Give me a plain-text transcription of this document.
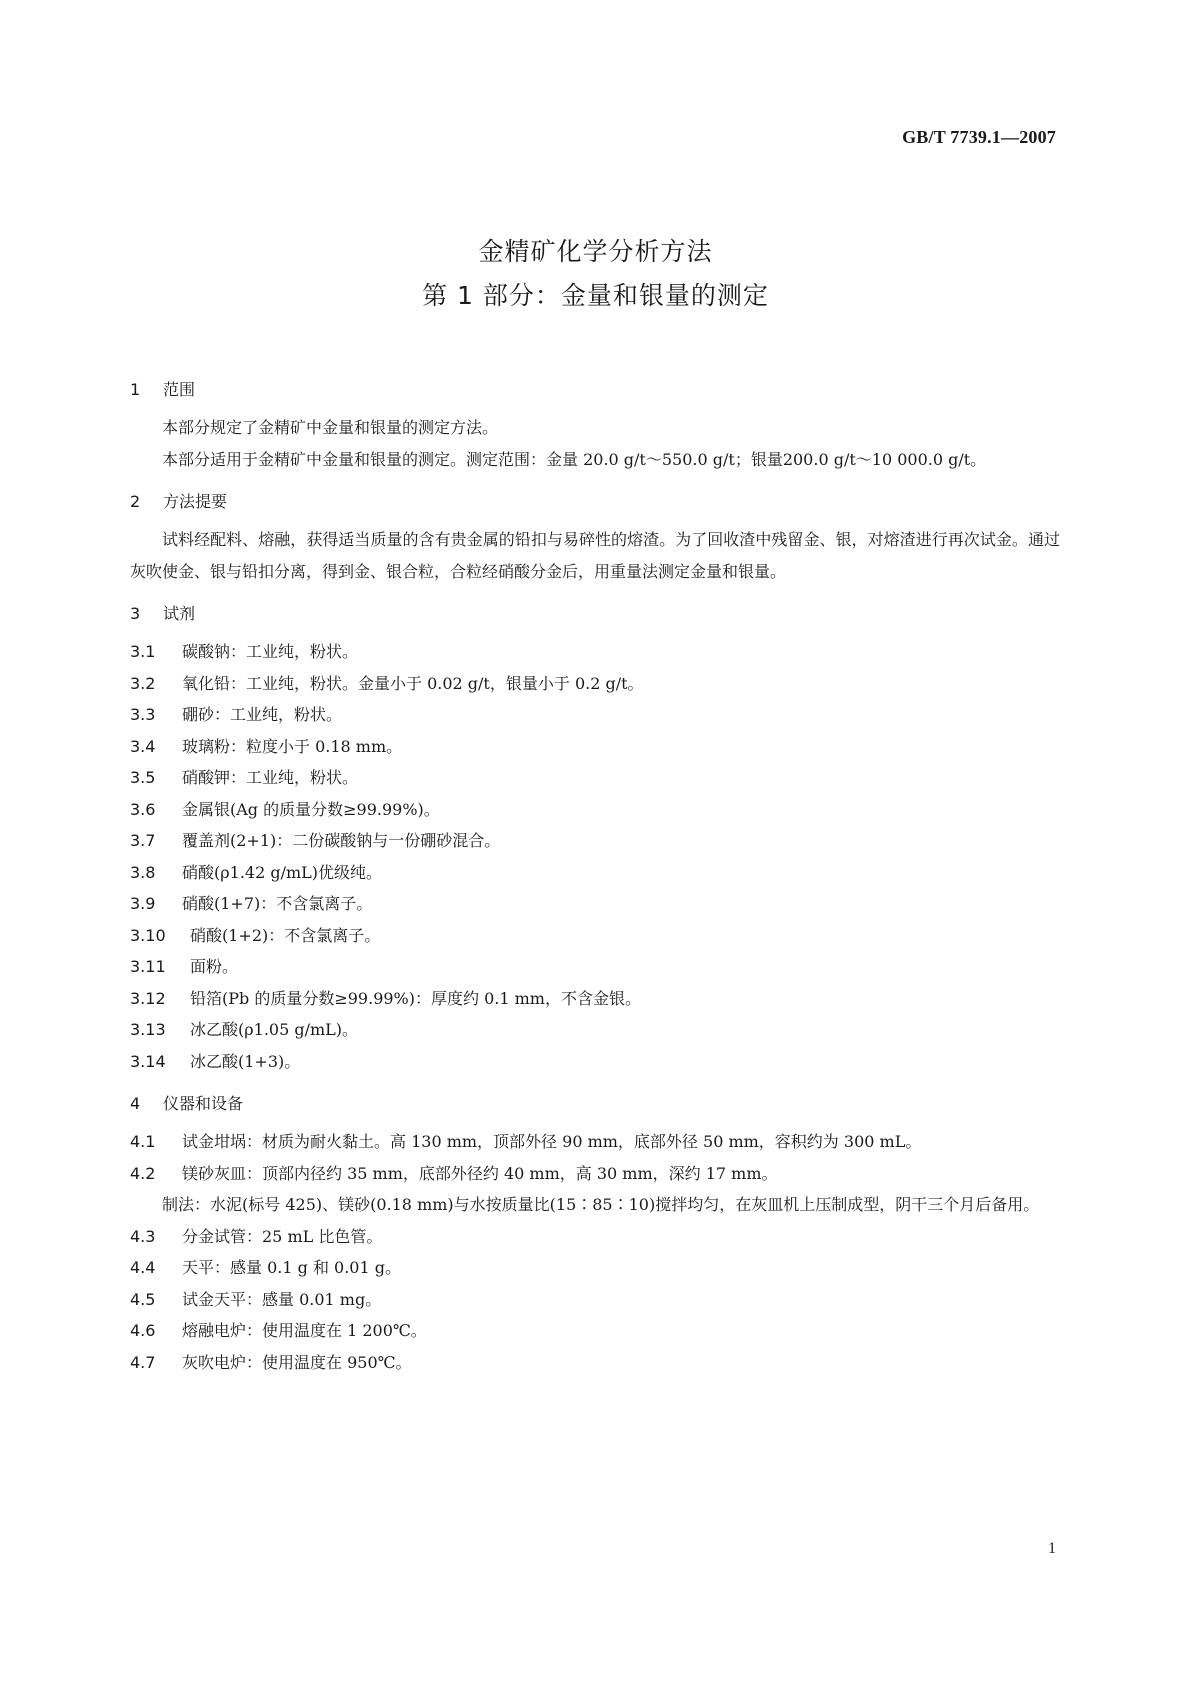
GB/T 7739.1—2007
金精矿化学分析方法
第 1 部分：金量和银量的测定
1 范围
本部分规定了金精矿中金量和银量的测定方法。
本部分适用于金精矿中金量和银量的测定。测定范围：金量 20.0 g/t～550.0 g/t；银量200.0 g/t～10 000.0 g/t。
2 方法提要
试料经配料、熔融，获得适当质量的含有贵金属的铅扣与易碎性的熔渣。为了回收渣中残留金、银，对熔渣进行再次试金。通过灰吹使金、银与铅扣分离，得到金、银合粒，合粒经硝酸分金后，用重量法测定金量和银量。
3 试剂
3.1 碳酸钠：工业纯，粉状。
3.2 氧化铅：工业纯，粉状。金量小于 0.02 g/t，银量小于 0.2 g/t。
3.3 硼砂：工业纯，粉状。
3.4 玻璃粉：粒度小于 0.18 mm。
3.5 硝酸钾：工业纯，粉状。
3.6 金属银(Ag 的质量分数≥99.99%)。
3.7 覆盖剂(2+1)：二份碳酸钠与一份硼砂混合。
3.8 硝酸(ρ1.42 g/mL)优级纯。
3.9 硝酸(1+7)：不含氯离子。
3.10 硝酸(1+2)：不含氯离子。
3.11 面粉。
3.12 铅箔(Pb 的质量分数≥99.99%)：厚度约 0.1 mm，不含金银。
3.13 冰乙酸(ρ1.05 g/mL)。
3.14 冰乙酸(1+3)。
4 仪器和设备
4.1 试金坩埚：材质为耐火黏土。高 130 mm，顶部外径 90 mm，底部外径 50 mm，容积约为 300 mL。
4.2 镁砂灰皿：顶部内径约 35 mm，底部外径约 40 mm，高 30 mm，深约 17 mm。
制法：水泥(标号 425)、镁砂(0.18 mm)与水按质量比(15∶85∶10)搅拌均匀，在灰皿机上压制成型，阴干三个月后备用。
4.3 分金试管：25 mL 比色管。
4.4 天平：感量 0.1 g 和 0.01 g。
4.5 试金天平：感量 0.01 mg。
4.6 熔融电炉：使用温度在 1 200℃。
4.7 灰吹电炉：使用温度在 950℃。
1
